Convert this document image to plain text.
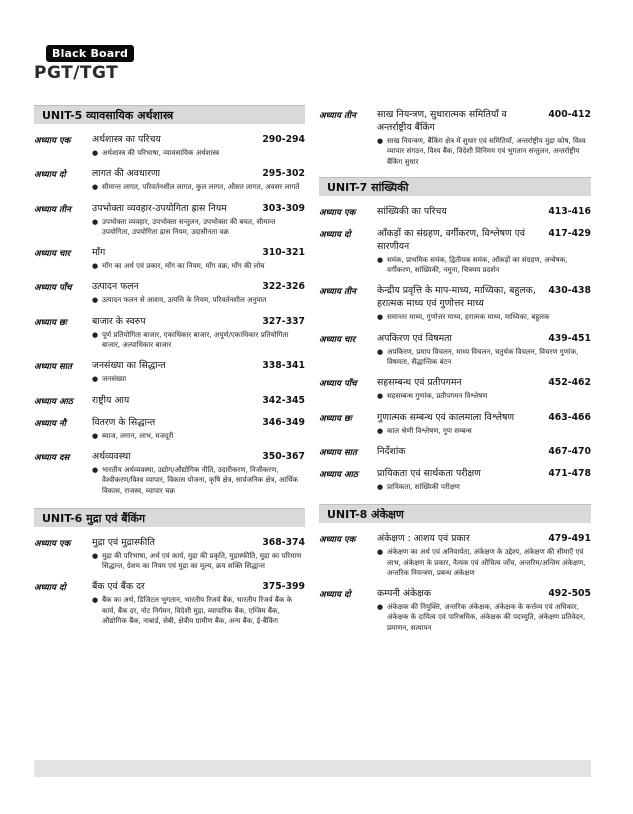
Black Board
PGT/TGT
UNIT-5 व्यावसायिक अर्थशास्त्र
अध्याय एक	अर्थशास्त्र का परिचय	290-294
● अर्थशास्त्र की परिभाषा, व्यावसायिक अर्थशास्त्र
अध्याय दो	लागत की अवधारणा	295-302
● सीमान्त लागत, परिवर्तनशील लागत, कुल लागत, औसत लागत, अवसर लागतें
अध्याय तीन	उपभोक्ता व्यवहार-उपयोगिता ह्रास नियम	303-309
● उपभोक्ता व्यवहार, उपभोक्ता सन्तुलन, उपभोक्ता की बचत, सीमान्त उपयोगिता, उपयोगिता ह्रास नियम, उदासीनता वक्र
अध्याय चार	माँग	310-321
● माँग का अर्थ एवं प्रकार, माँग का नियम, माँग वक्र, माँग की लोच
अध्याय पाँच	उत्पादन फलन	322-326
● उत्पादन फलन से आशय, उत्पत्ति के नियम, परिवर्तनशील अनुपात
अध्याय छः	बाजार के स्वरुप	327-337
● पूर्ण प्रतियोगिता बाजार, एकाधिकार बाजार, अपूर्ण/एकाधिकार प्रतियोगिता बाजार, अल्पाधिकार बाजार
अध्याय सात	जनसंख्या का सिद्धान्त	338-341
● जनसंख्या
अध्याय आठ	राष्ट्रीय आय	342-345
अध्याय नौ	वितरण के सिद्धान्त	346-349
● ब्याज, लगान, लाभ, मजदूरी
अध्याय दस	अर्थव्यवस्था	350-367
● भारतीय अर्थव्यवस्था, उद्योग/औद्योगिक नीति, उदारीकरण, निजीकरण, वैश्वीकरण/विश्व व्यापार, विकास योजना, कृषि क्षेत्र, सार्वजनिक क्षेत्र, आर्थिक विकास, राजस्व, व्यापार चक्र
UNIT-6 मुद्रा एवं बैंकिंग
अध्याय एक	मुद्रा एवं मुद्रास्फीति	368-374
● मुद्रा की परिभाषा, अर्थ एवं कार्य, मुद्रा की प्रकृति, मुद्रास्फीति, मुद्रा का परिमाण सिद्धान्त, ग्रेशम का नियम एवं मुद्रा का मूल्य, क्रय शक्ति सिद्धान्त
अध्याय दो	बैंक एवं बैंक दर	375-399
● बैंक का अर्थ, डिजिटल भुगतान, भारतीय रिजर्व बैंक, भारतीय रिजर्व बैंक के कार्य, बैंक दर, नोट निर्गमन, विदेशी मुद्रा, व्यापारिक बैंक, एग्जिम बैंक, औद्योगिक बैंक, नाबार्ड, सेबी, क्षेत्रीय ग्रामीण बैंक, अन्य बैंक, ई-बैंकिंग
अध्याय तीन	साख नियन्त्रण, सुधारात्मक समितियाँ व अन्तर्राष्ट्रीय बैंकिंग
400-412
● साख नियन्त्रण, बैंकिंग क्षेत्र में सुधार एवं समितियाँ, अन्तर्राष्ट्रीय मुद्रा कोष, विश्व व्यापार संगठन, विश्व बैंक, विदेशी विनिमय एवं भुगतान सन्तुलन, अन्तर्राष्ट्रीय बैंकिंग सुधार
UNIT-7 सांख्यिकी
अध्याय एक	सांख्यिकी का परिचय	413-416
अध्याय दो	आँकड़ों का संग्रहण, वर्गीकरण, विश्लेषण एवं सारणीयन
417-429
● समंक, प्राथमिक समंक, द्वितीयक समंक, आँकड़ों का संग्रहण, अन्वेषक, वर्गीकरण, सांख्यिकी, नमूना, चित्रमय प्रदर्शन
अध्याय तीन	केन्द्रीय प्रवृत्ति के माप-माध्य, माध्यिका, बहुलक, हरात्मक माध्य एवं गुणोत्तर माध्य
430-438
● समान्तर माध्य, गुणोत्तर माध्य, हरात्मक माध्य, माध्यिका, बहुलक
अध्याय चार	अपकिरण एवं विषमता	439-451
● अपकिरण, प्रमाप विचलन, माध्य विचलन, चतुर्थक विचलन, विचरण गुणांक, विषमता, सैद्धान्तिक बंटन
अध्याय पाँच	सहसम्बन्ध एवं प्रतीपगमन	452-462
● सहसम्बन्ध गुणांक, प्रतीपगमन विश्लेषण
अध्याय छः	गुणात्मक सम्बन्ध एवं कालमाला विश्लेषण	463-466
● काल श्रेणी विश्लेषण, गुण सम्बन्ध
अध्याय सात	निर्देशांक	467-470
अध्याय आठ	प्रायिकता एवं सार्थकता परीक्षण	471-478
● प्रायिकता, सांख्यिकी परीक्षण
UNIT-8 अंकेक्षण
अध्याय एक	अंकेक्षण : आशय एवं प्रकार	479-491
● अंकेक्षण का अर्थ एवं अनिवार्यता, अंकेक्षण के उद्देश्य, अंकेक्षण की सीमाएँ एवं लाभ, अंकेक्षण के प्रकार, नैत्यक एवं औचित्य जाँच, अन्तरिम/अन्तिम अंकेक्षण, अन्तरिक नियन्त्रण, प्रबन्ध अंकेक्षण
अध्याय दो	कम्पनी अंकेक्षक	492-505
● अंकेक्षक की नियुक्ति, अन्तरिक अंकेक्षक, अंकेक्षक के कर्त्तव्य एवं अधिकार, अंकेक्षक के दायित्व एवं पारिश्रमिक, अंकेक्षक की पदच्युति, अंकेक्षण प्रतिवेदन, प्रमाणन, सत्यापन
